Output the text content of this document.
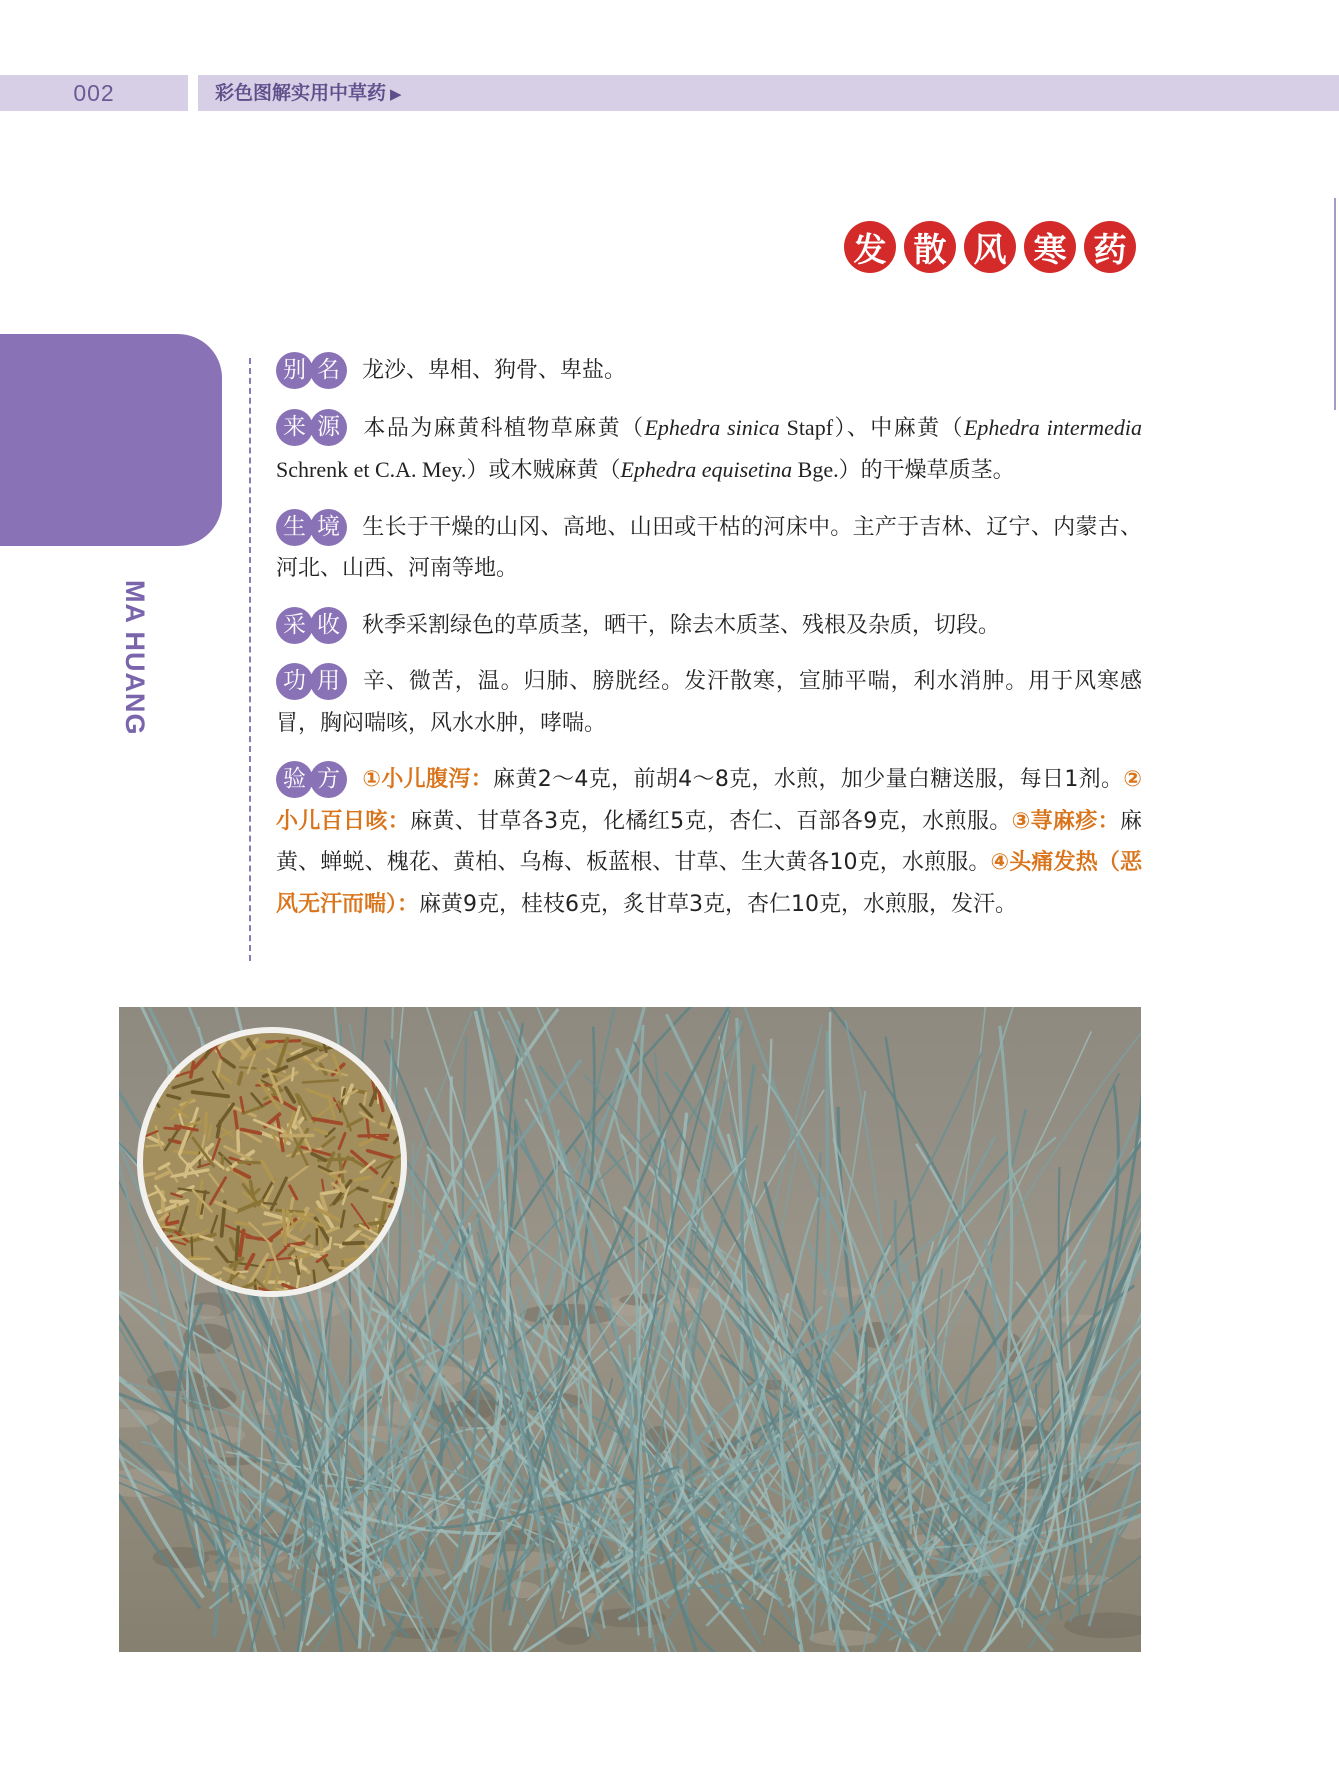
002	彩色图解实用中草药 ▶
发 散 风 寒 药
MA HUANG
别 名 龙沙、卑相、狗骨、卑盐。
来 源 本品为麻黄科植物草麻黄（Ephedra sinica Stapf）、中麻黄（Ephedra intermedia Schrenk et C.A. Mey.）或木贼麻黄（Ephedra equisetina Bge.）的干燥草质茎。
生 境 生长于干燥的山冈、高地、山田或干枯的河床中。主产于吉林、辽宁、内蒙古、河北、山西、河南等地。
采 收 秋季采割绿色的草质茎，晒干，除去木质茎、残根及杂质，切段。
功 用 辛、微苦，温。归肺、膀胱经。发汗散寒，宣肺平喘，利水消肿。用于风寒感冒，胸闷喘咳，风水水肿，哮喘。
验 方 ①小儿腹泻：麻黄2～4克，前胡4～8克，水煎，加少量白糖送服，每日1剂。②小儿百日咳：麻黄、甘草各3克，化橘红5克，杏仁、百部各9克，水煎服。③荨麻疹：麻黄、蝉蜕、槐花、黄柏、乌梅、板蓝根、甘草、生大黄各10克，水煎服。④头痛发热（恶风无汗而喘）：麻黄9克，桂枝6克，炙甘草3克，杏仁10克，水煎服，发汗。
